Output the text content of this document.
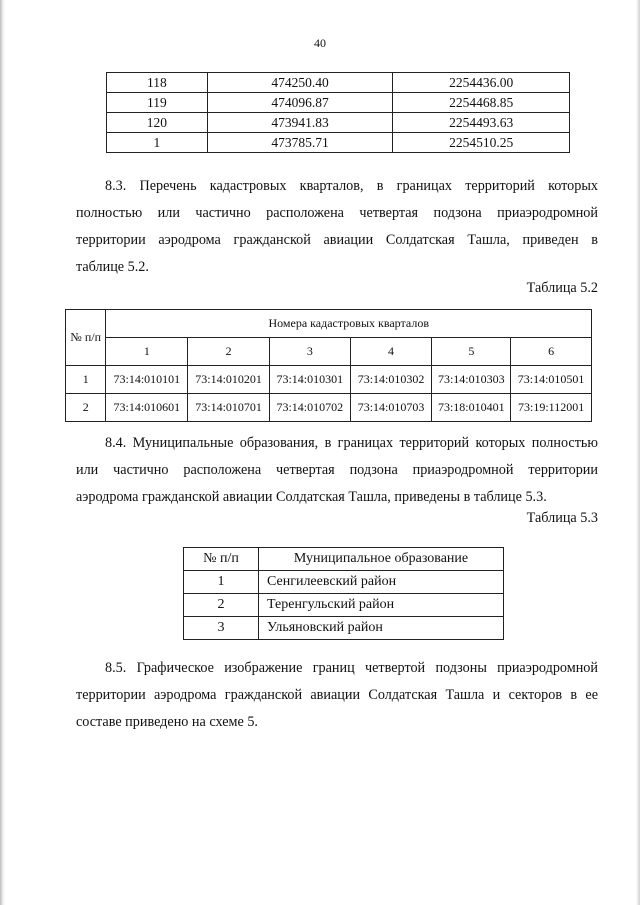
40
118	474250.40	2254436.00
119	474096.87	2254468.85
120	473941.83	2254493.63
1	473785.71	2254510.25
8.3. Перечень кадастровых кварталов, в границах территорий которых
полностью или частично расположена четвертая подзона приаэродромной
территории аэродрома гражданской авиации Солдатская Ташла, приведен в
таблице 5.2.
Таблица 5.2
№ п/п	Номера кадастровых кварталов					
	1	2	3	4	5	6
1	73:14:010101	73:14:010201	73:14:010301	73:14:010302	73:14:010303	73:14:010501
2	73:14:010601	73:14:010701	73:14:010702	73:14:010703	73:18:010401	73:19:112001
8.4. Муниципальные образования, в границах территорий которых полностью
или частично расположена четвертая подзона приаэродромной территории
аэродрома гражданской авиации Солдатская Ташла, приведены в таблице 5.3.
Таблица 5.3
№ п/п	Муниципальное образование
1	Сенгилеевский район
2	Теренгульский район
3	Ульяновский район
8.5. Графическое изображение границ четвертой подзоны приаэродромной
территории аэродрома гражданской авиации Солдатская Ташла и секторов в ее
составе приведено на схеме 5.
